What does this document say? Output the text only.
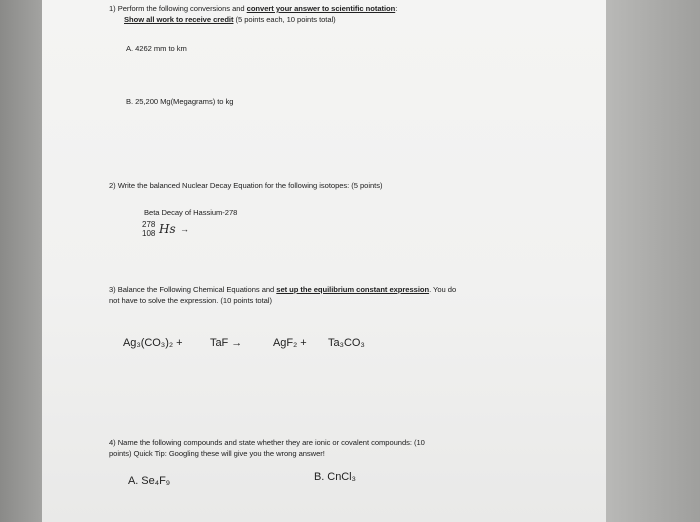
1) Perform the following conversions and convert your answer to scientific notation:
Show all work to receive credit (5 points each, 10 points total)
A. 4262 mm to km
B. 25,200 Mg(Megagrams) to kg
2) Write the balanced Nuclear Decay Equation for the following isotopes: (5 points)
Beta Decay of Hassium-278
278
108 Hs →
3) Balance the Following Chemical Equations and set up the equilibrium constant expression. You do
not have to solve the expression. (10 points total)
Ag₃(CO₃)₂ +	TaF →	AgF₂ + Ta₃CO₃
4) Name the following compounds and state whether they are ionic or covalent compounds: (10
points) Quick Tip: Googling these will give you the wrong answer!
A. Se₄F₉	B. CnCl₃
